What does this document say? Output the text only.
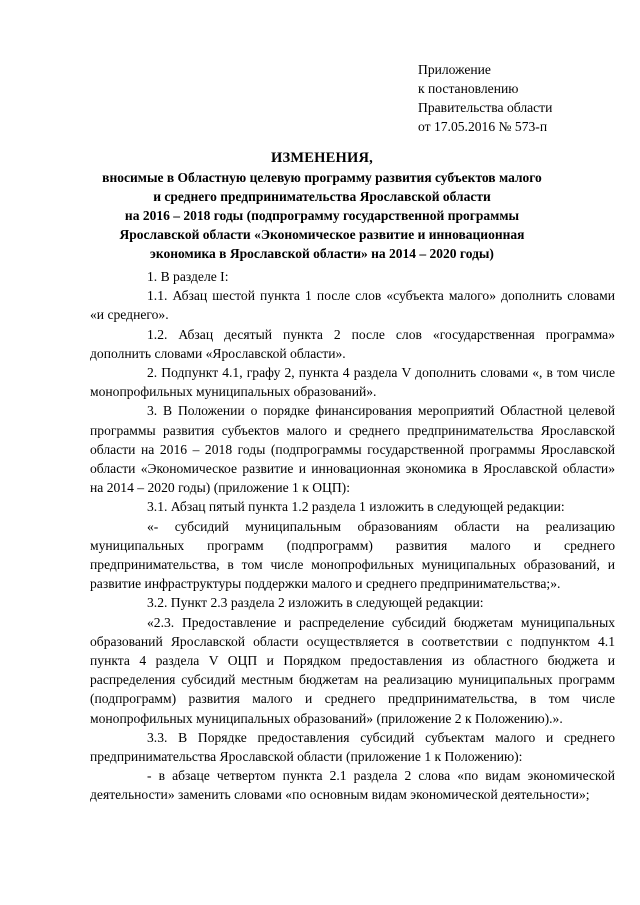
Приложение
к постановлению
Правительства области
от 17.05.2016 № 573-п
ИЗМЕНЕНИЯ,
вносимые в Областную целевую программу развития субъектов малого
и среднего предпринимательства Ярославской области
на 2016 – 2018 годы (подпрограмму государственной программы
Ярославской области «Экономическое развитие и инновационная
экономика в Ярославской области» на 2014 – 2020 годы)

1. В разделе I:

1.1. Абзац шестой пункта 1 после слов «субъекта малого» дополнить словами «и среднего».

1.2. Абзац десятый пункта 2 после слов «государственная программа» дополнить словами «Ярославской области».

2. Подпункт 4.1, графу 2, пункта 4 раздела V дополнить словами «, в том числе монопрофильных муниципальных образований».

3. В Положении о порядке финансирования мероприятий Областной целевой программы развития субъектов малого и среднего предпринимательства Ярославской области на 2016 – 2018 годы (подпрограммы государственной программы Ярославской области «Экономическое развитие и инновационная экономика в Ярославской области» на 2014 – 2020 годы) (приложение 1 к ОЦП):

3.1. Абзац пятый пункта 1.2 раздела 1 изложить в следующей редакции:

«- субсидий муниципальным образованиям области на реализацию муниципальных программ (подпрограмм) развития малого и среднего предпринимательства, в том числе монопрофильных муниципальных образований, и развитие инфраструктуры поддержки малого и среднего предпринимательства;».

3.2. Пункт 2.3 раздела 2 изложить в следующей редакции:

«2.3. Предоставление и распределение субсидий бюджетам муниципальных образований Ярославской области осуществляется в соответствии с подпунктом 4.1 пункта 4 раздела V ОЦП и Порядком предоставления из областного бюджета и распределения субсидий местным бюджетам на реализацию муниципальных программ (подпрограмм) развития малого и среднего предпринимательства, в том числе монопрофильных муниципальных образований» (приложение 2 к Положению).».

3.3. В Порядке предоставления субсидий субъектам малого и среднего предпринимательства Ярославской области (приложение 1 к Положению):

- в абзаце четвертом пункта 2.1 раздела 2 слова «по видам экономической деятельности» заменить словами «по основным видам экономической деятельности»;
